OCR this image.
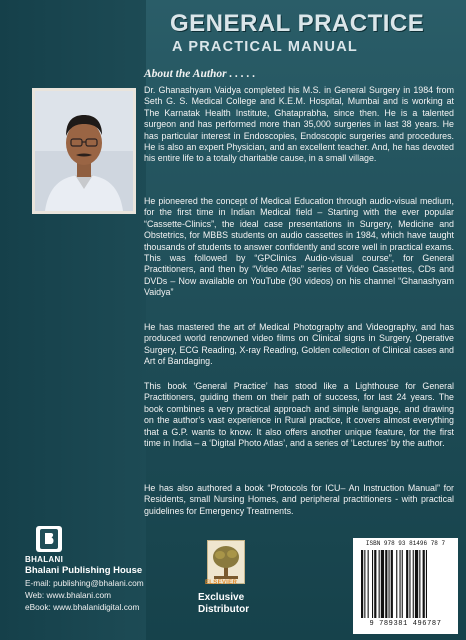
GENERAL PRACTICE
A PRACTICAL MANUAL
About the Author . . . . .
Dr. Ghanashyam Vaidya completed his M.S. in General Surgery in 1984 from Seth G. S. Medical College and K.E.M. Hospital, Mumbai and is working at The Karnatak Health Institute, Ghataprabha, since then. He is a talented surgeon and has performed more than 35,000 surgeries in last 38 years. He has particular interest in Endoscopies, Endoscopic surgeries and procedures. He is also an expert Physician, and an excellent teacher. And, he has devoted his entire life to a totally charitable cause, in a small village.
He pioneered the concept of Medical Education through audio-visual medium, for the first time in Indian Medical field – Starting with the ever popular “Cassette-Clinics”, the ideal case presentations in Surgery, Medicine and Obstetrics, for MBBS students on audio cassettes in 1984, which have taught thousands of students to answer confidently and score well in practical exams. This was followed by “GPClinics Audio-visual course”, for General Practitioners, and then by “Video Atlas” series of Video Cassettes, CDs and DVDs – Now available on YouTube (90 videos) on his channel “Ghanashyam Vaidya”
He has mastered the art of Medical Photography and Videography, and has produced world renowned video films on Clinical signs in Surgery, Operative Surgery, ECG Reading, X-ray Reading, Golden collection of Clinical cases and Art of Bandaging.
This book ‘General Practice’ has stood like a Lighthouse for General Practitioners, guiding them on their path of success, for last 24 years. The book combines a very practical approach and simple language, and drawing on the author’s vast experience in Rural practice, it covers almost everything that a G.P. wants to know. It also offers another unique feature, for the first time in India – a ‘Digital Photo Atlas’, and a series of ‘Lectures’ by the author.
He has also authored a book “Protocols for ICU– An Instruction Manual” for Residents, small Nursing Homes, and peripheral practitioners - with practical guidelines for Emergency Treatments.
BHALANI
Bhalani Publishing House
E-mail: publishing@bhalani.com
Web: www.bhalani.com
eBook: www.bhalanidigital.com
ELSEVIER
Exclusive
Distributor
ISBN 978 93 81496 78 7
9 789381 496787
